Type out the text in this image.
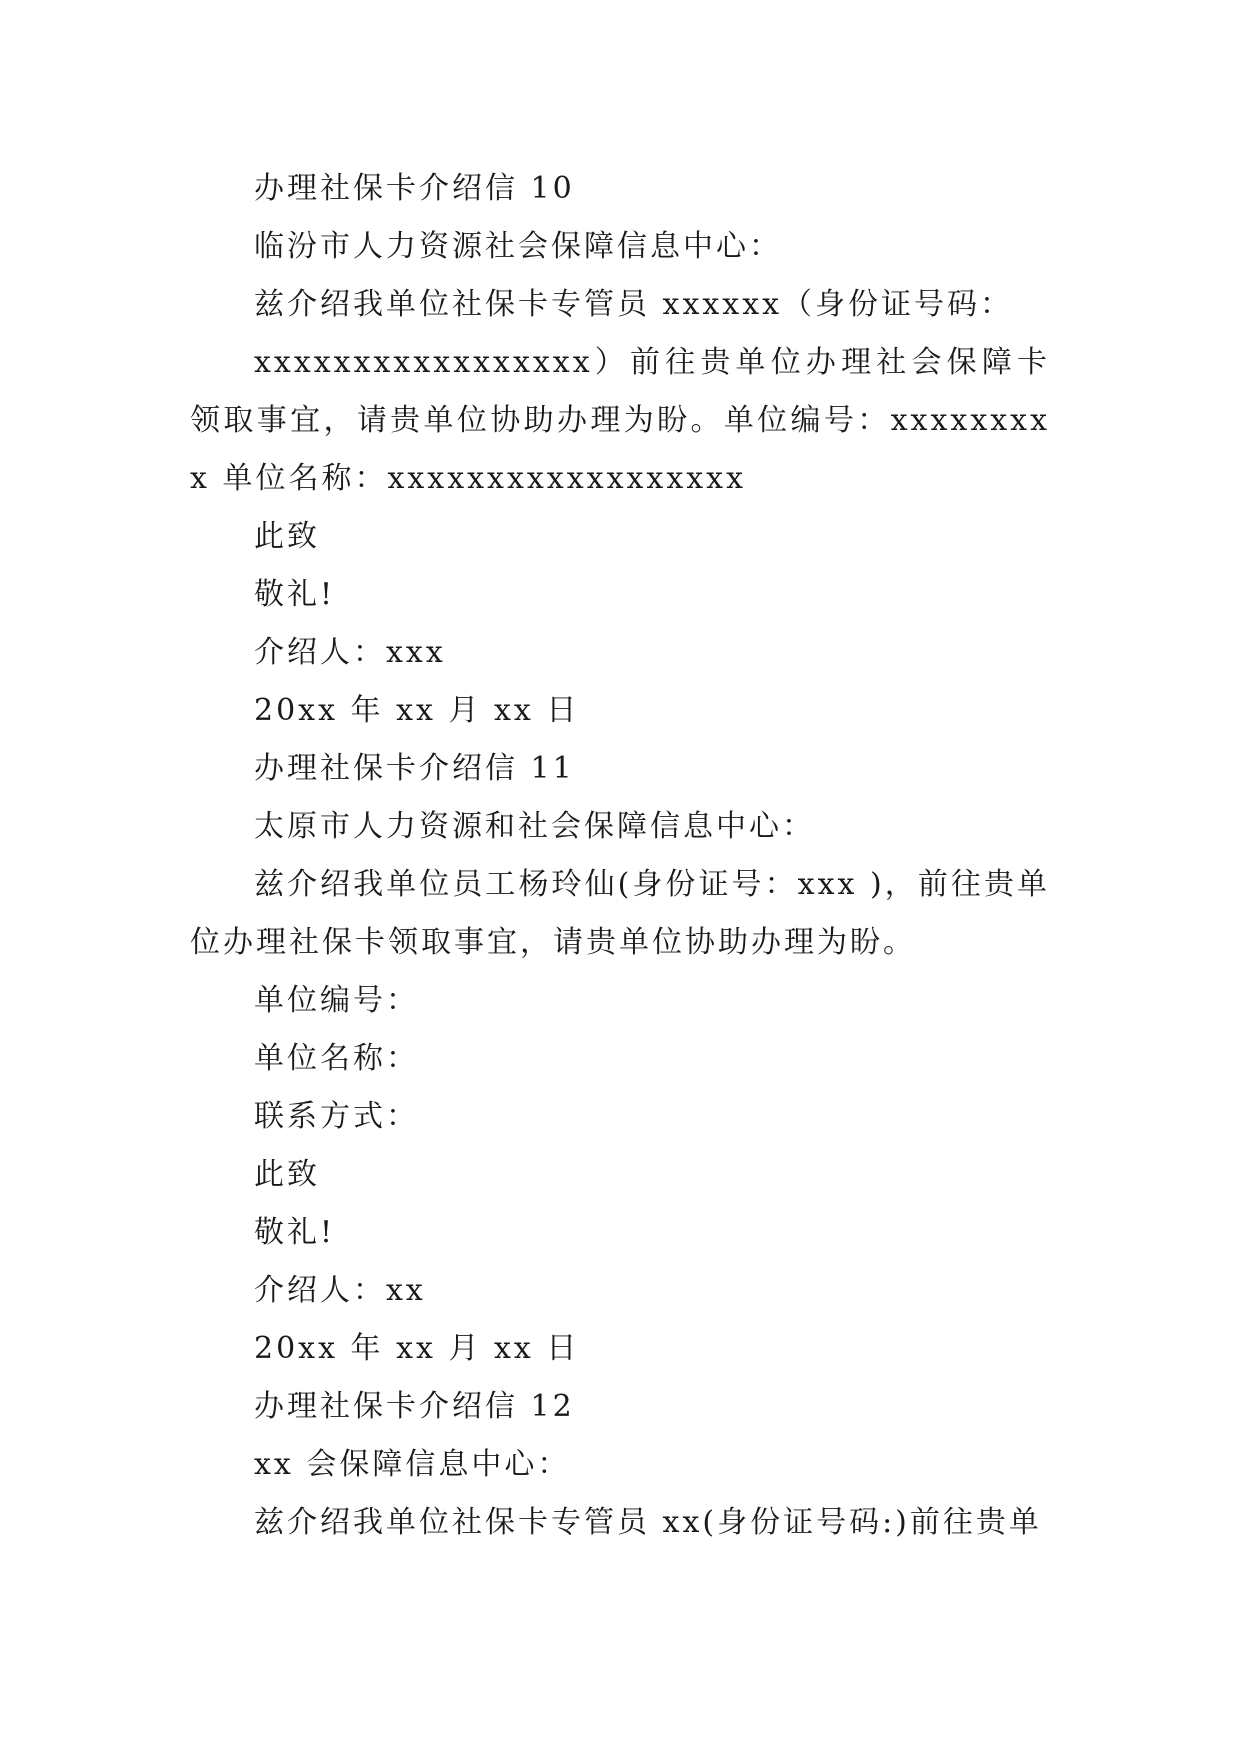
办理社保卡介绍信 10

临汾市人力资源社会保障信息中心：

兹介绍我单位社保卡专管员 xxxxxx（身份证号码：

xxxxxxxxxxxxxxxxx）前往贵单位办理社会保障卡领取事宜，请贵单位协助办理为盼。单位编号：xxxxxxxxx 单位名称：xxxxxxxxxxxxxxxxxx

此致

敬礼!

介绍人：xxx

20xx 年 xx 月 xx 日

办理社保卡介绍信 11

太原市人力资源和社会保障信息中心：

兹介绍我单位员工杨玲仙(身份证号：xxx )，前往贵单位办理社保卡领取事宜，请贵单位协助办理为盼。

单位编号：

单位名称：

联系方式：

此致

敬礼!

介绍人：xx

20xx 年 xx 月 xx 日

办理社保卡介绍信 12

xx 会保障信息中心：

兹介绍我单位社保卡专管员 xx(身份证号码:)前往贵单
